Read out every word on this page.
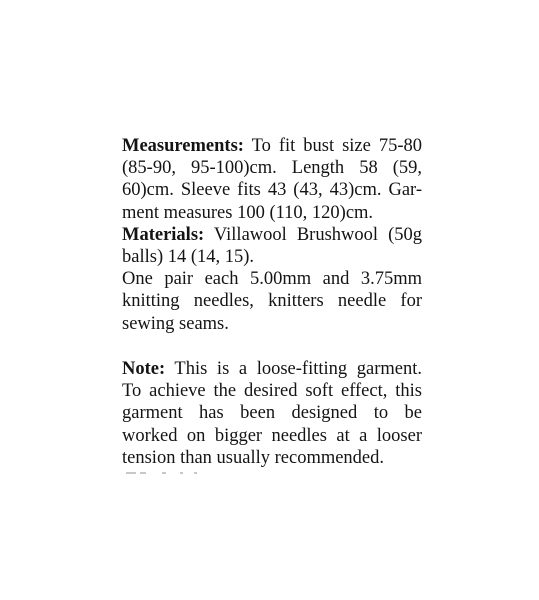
Measurements: To fit bust size 75-80
(85-90, 95-100)cm. Length 58 (59,
60)cm. Sleeve fits 43 (43, 43)cm. Gar-
ment measures 100 (110, 120)cm.
Materials: Villawool Brushwool (50g
balls) 14 (14, 15).
One pair each 5.00mm and 3.75mm
knitting needles, knitters needle for
sewing seams.
Note: This is a loose-fitting garment.
To achieve the desired soft effect, this
garment has been designed to be
worked on bigger needles at a looser
tension than usually recommended.
